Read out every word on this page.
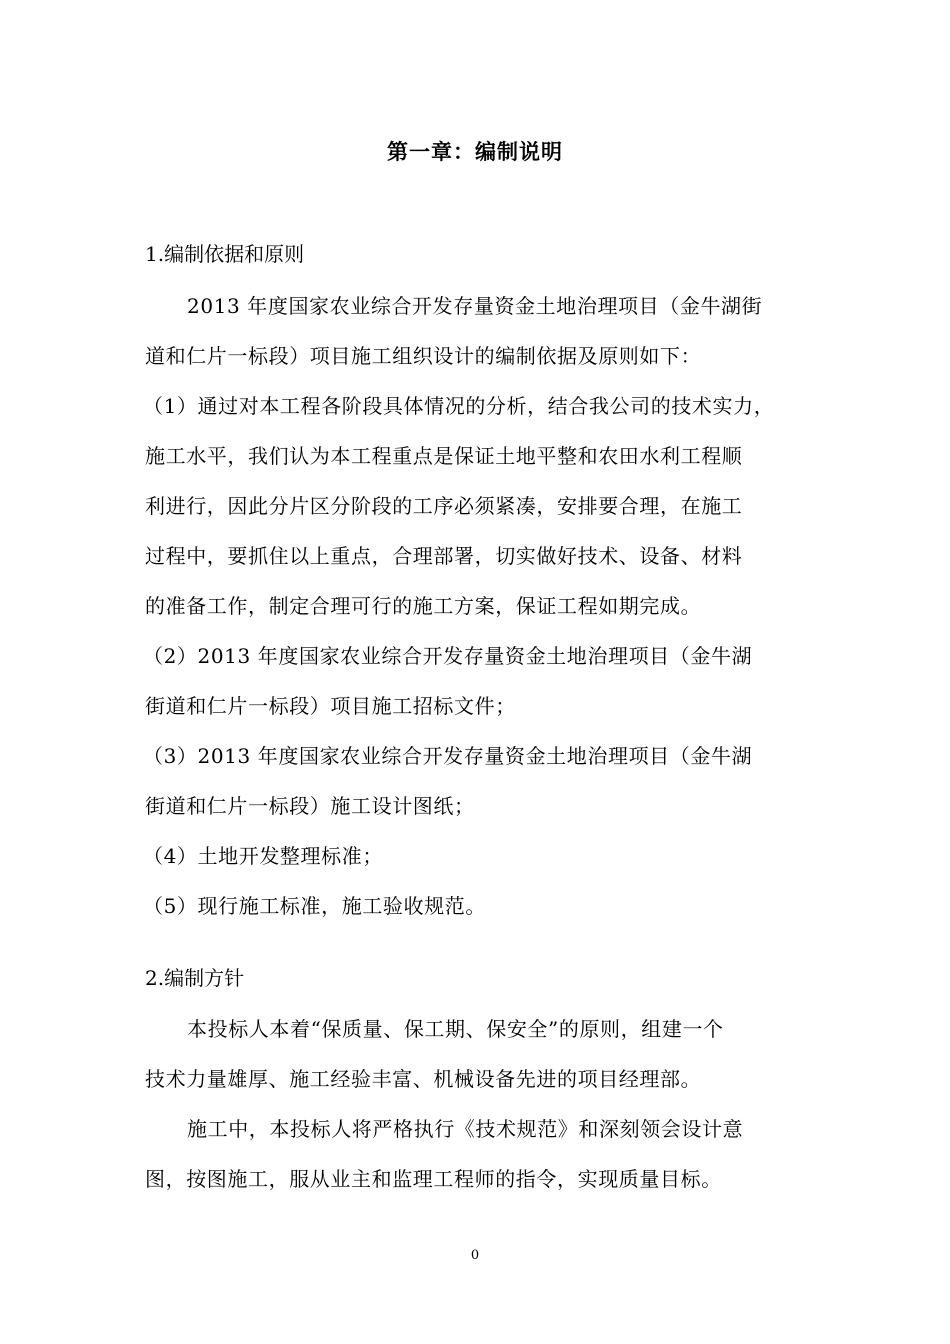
第一章：编制说明
1.编制依据和原则
2013 年度国家农业综合开发存量资金土地治理项目（金牛湖街
道和仁片一标段）项目施工组织设计的编制依据及原则如下：
（1）通过对本工程各阶段具体情况的分析，结合我公司的技术实力，
施工水平，我们认为本工程重点是保证土地平整和农田水利工程顺
利进行，因此分片区分阶段的工序必须紧凑，安排要合理，在施工
过程中，要抓住以上重点，合理部署，切实做好技术、设备、材料
的准备工作，制定合理可行的施工方案，保证工程如期完成。
（2）2013 年度国家农业综合开发存量资金土地治理项目（金牛湖
街道和仁片一标段）项目施工招标文件；
（3）2013 年度国家农业综合开发存量资金土地治理项目（金牛湖
街道和仁片一标段）施工设计图纸；
（4）土地开发整理标准；
（5）现行施工标准，施工验收规范。
2.编制方针
本投标人本着“保质量、保工期、保安全”的原则，组建一个
技术力量雄厚、施工经验丰富、机械设备先进的项目经理部。
施工中，本投标人将严格执行《技术规范》和深刻领会设计意
图，按图施工，服从业主和监理工程师的指令，实现质量目标。
0
